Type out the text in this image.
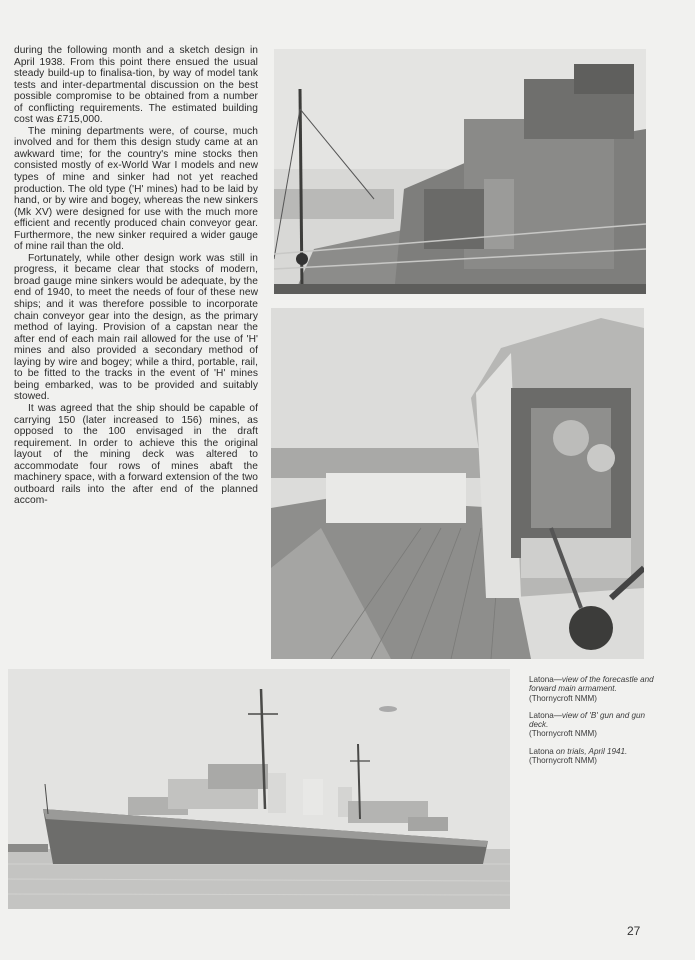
during the following month and a sketch design in April 1938. From this point there ensued the usual steady build-up to finalisa-tion, by way of model tank tests and inter-departmental discussion on the best possible compromise to be obtained from a number of conflicting requirements. The estimated building cost was £715,000.

The mining departments were, of course, much involved and for them this design study came at an awkward time; for the country's mine stocks then consisted mostly of ex-World War I models and new types of mine and sinker had not yet reached production. The old type ('H' mines) had to be laid by hand, or by wire and bogey, whereas the new sinkers (Mk XV) were designed for use with the much more efficient and recently produced chain conveyor gear. Furthermore, the new sinker required a wider gauge of mine rail than the old.

Fortunately, while other design work was still in progress, it became clear that stocks of modern, broad gauge mine sinkers would be adequate, by the end of 1940, to meet the needs of four of these new ships; and it was therefore possible to incorporate chain conveyor gear into the design, as the primary method of laying. Provision of a capstan near the after end of each main rail allowed for the use of 'H' mines and also provided a secondary method of laying by wire and bogey; while a third, portable, rail, to be fitted to the tracks in the event of 'H' mines being embarked, was to be provided and suitably stowed.

It was agreed that the ship should be capable of carrying 150 (later increased to 156) mines, as opposed to the 100 envisaged in the draft requirement. In order to achieve this the original layout of the mining deck was altered to accommodate four rows of mines abaft the machinery space, with a forward extension of the two outboard rails into the after end of the planned accom-

Latona—view of the forecastle and forward main armament.
(Thornycroft NMM)

Latona—view of 'B' gun and gun deck.
(Thornycroft NMM)

Latona on trials, April 1941.
(Thornycroft NMM)

27
